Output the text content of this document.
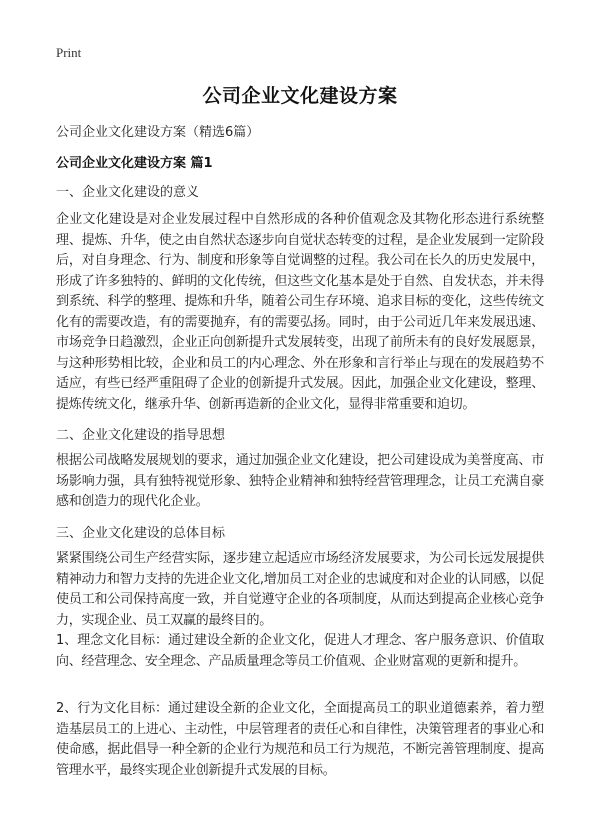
Print
公司企业文化建设方案
公司企业文化建设方案（精选6篇）
公司企业文化建设方案 篇1
一、企业文化建设的意义

企业文化建设是对企业发展过程中自然形成的各种价值观念及其物化形态进行系统整理、提炼、升华，使之由自然状态逐步向自觉状态转变的过程，是企业发展到一定阶段后，对自身理念、行为、制度和形象等自觉调整的过程。我公司在长久的历史发展中，形成了许多独特的、鲜明的文化传统，但这些文化基本是处于自然、自发状态，并未得到系统、科学的整理、提炼和升华，随着公司生存环境、追求目标的变化，这些传统文化有的需要改造，有的需要抛弃，有的需要弘扬。同时，由于公司近几年来发展迅速、市场竞争日趋激烈，企业正向创新提升式发展转变，出现了前所未有的良好发展愿景，与这种形势相比较，企业和员工的内心理念、外在形象和言行举止与现在的发展趋势不适应，有些已经严重阻碍了企业的创新提升式发展。因此，加强企业文化建设，整理、提炼传统文化，继承升华、创新再造新的企业文化，显得非常重要和迫切。

二、企业文化建设的指导思想

根据公司战略发展规划的要求，通过加强企业文化建设，把公司建设成为美誉度高、市场影响力强，具有独特视觉形象、独特企业精神和独特经营管理理念，让员工充满自豪感和创造力的现代化企业。

三、企业文化建设的总体目标

紧紧围绕公司生产经营实际，逐步建立起适应市场经济发展要求，为公司长远发展提供精神动力和智力支持的先进企业文化,增加员工对企业的忠诚度和对企业的认同感，以促使员工和公司保持高度一致，并自觉遵守企业的各项制度，从而达到提高企业核心竞争力，实现企业、员工双赢的最终目的。

1、理念文化目标：通过建设全新的企业文化，促进人才理念、客户服务意识、价值取向、经营理念、安全理念、产品质量理念等员工价值观、企业财富观的更新和提升。

2、行为文化目标：通过建设全新的企业文化，全面提高员工的职业道德素养，着力塑造基层员工的上进心、主动性，中层管理者的责任心和自律性，决策管理者的事业心和使命感，据此倡导一种全新的企业行为规范和员工行为规范，不断完善管理制度、提高管理水平，最终实现企业创新提升式发展的目标。
